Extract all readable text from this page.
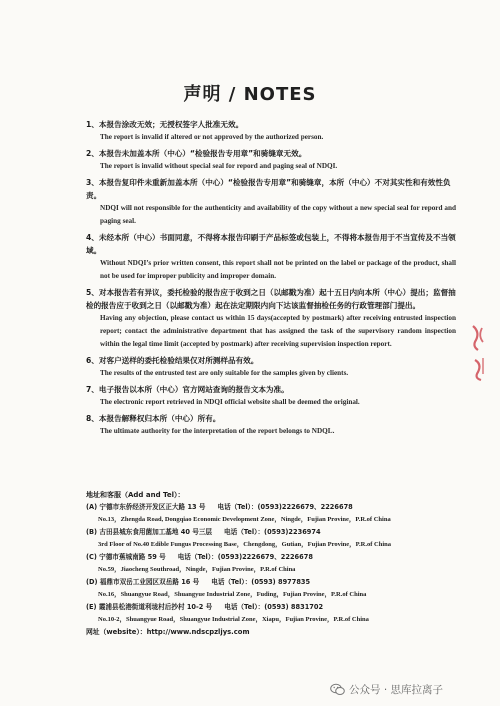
声明 / NOTES
1、本报告涂改无效；无授权签字人批准无效。
The report is invalid if altered or not approved by the authorized person.
2、本报告未加盖本所（中心）“检验报告专用章”和骑缝章无效。
The report is invalid without special seal for repord and paging seal of NDQI.
3、本报告复印件未重新加盖本所（中心）“检验报告专用章”和骑缝章，本所（中心）不对其实性和有效性负责。
NDQI will not responsible for the authenticity and availability of the copy without a new special seal for repord and paging seal.
4、未经本所（中心）书面同意，不得将本报告印刷于产品标签或包装上，不得将本报告用于不当宣传及不当领域。
Without NDQI’s prior written consent, this report shall not be printed on the label or package of the product, shall not be used for improper publicity and improper domain.
5、对本报告若有异议，委托检验的报告应于收到之日（以邮戳为准）起十五日内向本所（中心）提出；监督抽检的报告应于收到之日（以邮戳为准）起在法定期限内向下达该监督抽检任务的行政管理部门提出。
Having any objection, please contact us within 15 days(accepted by postmark) after receiving entrusted inspection report; contact the administrative department that has assigned the task of the supervisory random inspection within the legal time limit (accepted by postmark) after receiving supervision inspection report.
6、对客户送样的委托检验结果仅对所测样品有效。
The results of the entrusted test are only suitable for the samples given by clients.
7、电子报告以本所（中心）官方网站查询的报告文本为准。
The electronic report retrieved in NDQI official website shall be deemed the original.
8、本报告解释权归本所（中心）所有。
The ultimate authority for the interpretation of the report belongs to NDQL.
地址和客服（Add and Tel）：
(A) 宁德市东侨经济开发区正大路 13 号 电话（Tel）：(0593)2226679、2226678
No.13，Zhengda Road, Dongqiao Economic Development Zone，Ningde，Fujian Provine，P.R.of China
(B) 古田县城东食用菌加工基地 40 号三层 电话（Tel）：(0593)2236974
3rd Floor of No.40 Edible Fungus Processing Base，Chengdong，Gutian，Fujian Provine，P.R.of China
(C) 宁德市蕉城南路 59 号 电话（Tel）：(0593)2226679、2226678
No.59，Jiaocheng Southroad，Ningde，Fujian Provine，P.R.of China
(D) 福鼎市双岳工业园区双岳路 16 号 电话（Tel）：(0593) 8977835
No.16，Shuangyue Road，Shuangyue Industrial Zone，Fuding，Fujian Provine，P.R.of China
(E) 霞浦县松港街道利垅村后抄村 10-2 号 电话（Tel）：(0593) 8831702
No.10-2，Shuangyue Road，Shuangyue Industrial Zone，Xiapu，Fujian Provine，P.R.of China
网址（website）：http://www.ndscpzljys.com
公众号 · 思库拉离子
